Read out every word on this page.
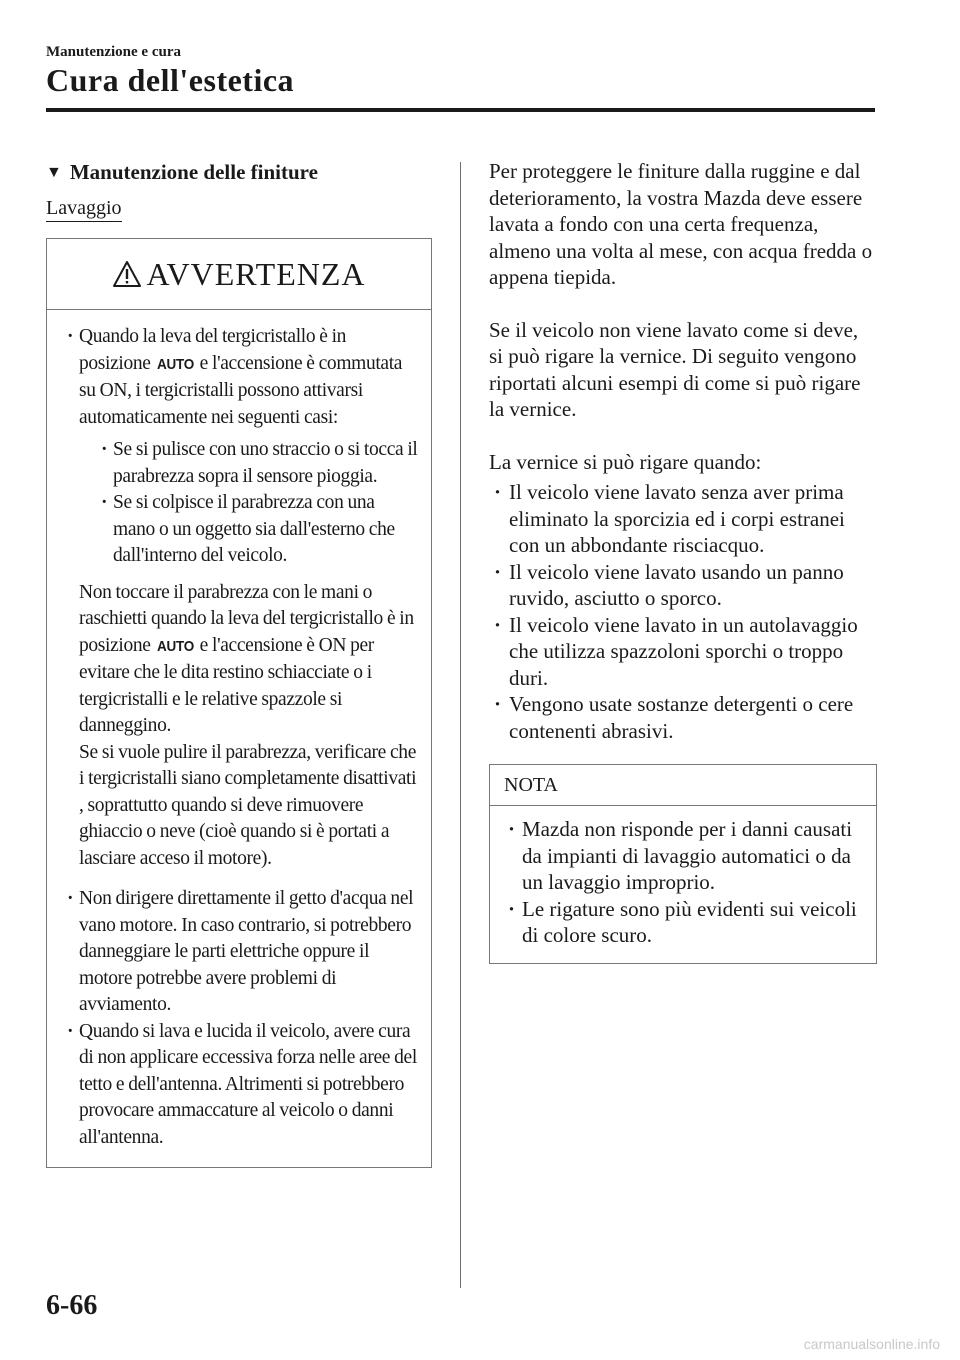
Manutenzione e cura
Cura dell'estetica
▼ Manutenzione delle finiture
Lavaggio
AVVERTENZA
· Quando la leva del tergicristallo è in posizione AUTO e l'accensione è commutata su ON, i tergicristalli possono attivarsi automaticamente nei seguenti casi:
· Se si pulisce con uno straccio o si tocca il parabrezza sopra il sensore pioggia.
· Se si colpisce il parabrezza con una mano o un oggetto sia dall'esterno che dall'interno del veicolo.
Non toccare il parabrezza con le mani o raschietti quando la leva del tergicristallo è in posizione AUTO e l'accensione è ON per evitare che le dita restino schiacciate o i tergicristalli e le relative spazzole si danneggino.
Se si vuole pulire il parabrezza, verificare che i tergicristalli siano completamente disattivati , soprattutto quando si deve rimuovere ghiaccio o neve (cioè quando si è portati a lasciare acceso il motore).
· Non dirigere direttamente il getto d'acqua nel vano motore. In caso contrario, si potrebbero danneggiare le parti elettriche oppure il motore potrebbe avere problemi di avviamento.
· Quando si lava e lucida il veicolo, avere cura di non applicare eccessiva forza nelle aree del tetto e dell'antenna. Altrimenti si potrebbero provocare ammaccature al veicolo o danni all'antenna.

Per proteggere le finiture dalla ruggine e dal deterioramento, la vostra Mazda deve essere lavata a fondo con una certa frequenza, almeno una volta al mese, con acqua fredda o appena tiepida.

Se il veicolo non viene lavato come si deve, si può rigare la vernice. Di seguito vengono riportati alcuni esempi di come si può rigare la vernice.

La vernice si può rigare quando:

· Il veicolo viene lavato senza aver prima eliminato la sporcizia ed i corpi estranei con un abbondante risciacquo.
· Il veicolo viene lavato usando un panno ruvido, asciutto o sporco.
· Il veicolo viene lavato in un autolavaggio che utilizza spazzoloni sporchi o troppo duri.
· Vengono usate sostanze detergenti o cere contenenti abrasivi.
NOTA
· Mazda non risponde per i danni causati da impianti di lavaggio automatici o da un lavaggio improprio.
· Le rigature sono più evidenti sui veicoli di colore scuro.
6-66
carmanualsonline.info
